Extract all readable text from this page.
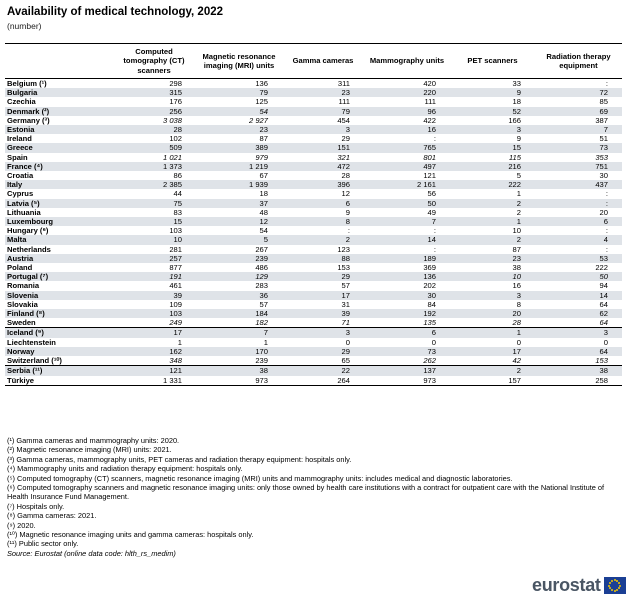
Availability of medical technology, 2022
(number)
	Computed tomography (CT) scanners	Magnetic resonance imaging (MRI) units	Gamma cameras	Mammography units	PET scanners	Radiation therapy equipment
Belgium (¹)	298	136	311	420	33	:
Bulgaria	315	79	23	220	9	72
Czechia	176	125	111	111	18	85
Denmark (²)	256	54	79	96	52	69
Germany (³)	3 038	2 927	454	422	166	387
Estonia	28	23	3	16	3	7
Ireland	102	87	29	:	9	51
Greece	509	389	151	765	15	73
Spain	1 021	979	321	801	115	353
France (⁴)	1 373	1 219	472	497	216	751
Croatia	86	67	28	121	5	30
Italy	2 385	1 939	396	2 161	222	437
Cyprus	44	18	12	56	1	:
Latvia (⁵)	75	37	6	50	2	:
Lithuania	83	48	9	49	2	20
Luxembourg	15	12	8	7	1	6
Hungary (⁶)	103	54	:	:	10	:
Malta	10	5	2	14	2	4
Netherlands	281	267	123	:	87	:
Austria	257	239	88	189	23	53
Poland	877	486	153	369	38	222
Portugal (⁷)	191	129	29	136	10	50
Romania	461	283	57	202	16	94
Slovenia	39	36	17	30	3	14
Slovakia	109	57	31	84	8	64
Finland (⁸)	103	184	39	192	20	62
Sweden	249	182	71	135	28	64
Iceland (⁹)	17	7	3	6	1	3
Liechtenstein	1	1	0	0	0	0
Norway	162	170	29	73	17	64
Switzerland (¹⁰)	348	239	65	262	42	153
Serbia (¹¹)	121	38	22	137	2	38
Türkiye	1 331	973	264	973	157	258

(¹) Gamma cameras and mammography units: 2020.

(²) Magnetic resonance imaging (MRI) units: 2021.

(³) Gamma cameras, mammography units, PET cameras and radiation therapy equipment: hospitals only.

(⁴) Mammography units and radiation therapy equipment: hospitals only.

(⁵) Computed tomography (CT) scanners, magnetic resonance imaging (MRI) units and mammography units: includes medical and diagnostic laboratories.

(⁶) Computed tomography scanners and magnetic resonance imaging units: only those owned by health care institutions with a contract for outpatient care with the National Institute of Health Insurance Fund Management.

(⁷) Hospitals only.

(⁸) Gamma cameras: 2021.

(⁹) 2020.

(¹⁰) Magnetic resonance imaging units and gamma cameras: hospitals only.

(¹¹) Public sector only.

Source: Eurostat (online data code: hlth_rs_medim)

eurostat
